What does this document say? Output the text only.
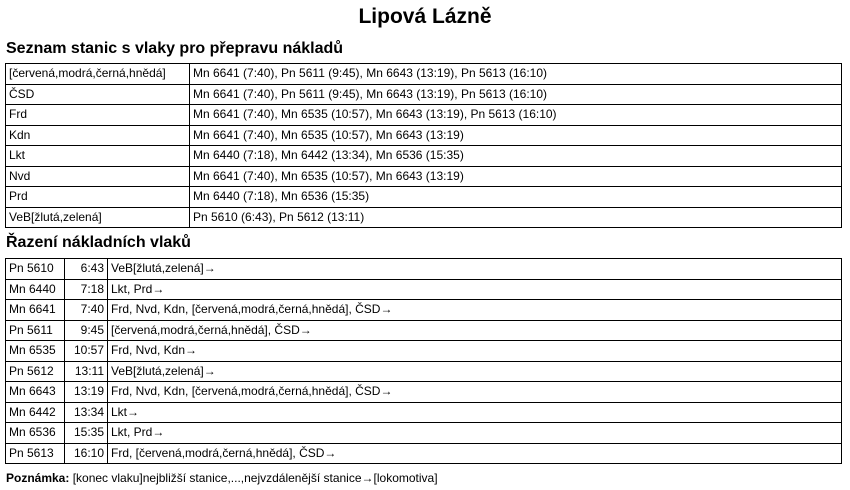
Lipová Lázně
Seznam stanic s vlaky pro přepravu nákladů
[červená,modrá,černá,hnědá]	Mn 6641 (7:40), Pn 5611 (9:45), Mn 6643 (13:19), Pn 5613 (16:10)
ČSD	Mn 6641 (7:40), Pn 5611 (9:45), Mn 6643 (13:19), Pn 5613 (16:10)
Frd	Mn 6641 (7:40), Mn 6535 (10:57), Mn 6643 (13:19), Pn 5613 (16:10)
Kdn	Mn 6641 (7:40), Mn 6535 (10:57), Mn 6643 (13:19)
Lkt	Mn 6440 (7:18), Mn 6442 (13:34), Mn 6536 (15:35)
Nvd	Mn 6641 (7:40), Mn 6535 (10:57), Mn 6643 (13:19)
Prd	Mn 6440 (7:18), Mn 6536 (15:35)
VeB[žlutá,zelená]	Pn 5610 (6:43), Pn 5612 (13:11)
Řazení nákladních vlaků
Pn 5610	6:43	VeB[žlutá,zelená]→
Mn 6440	7:18	Lkt, Prd→
Mn 6641	7:40	Frd, Nvd, Kdn, [červená,modrá,černá,hnědá], ČSD→
Pn 5611	9:45	[červená,modrá,černá,hnědá], ČSD→
Mn 6535	10:57	Frd, Nvd, Kdn→
Pn 5612	13:11	VeB[žlutá,zelená]→
Mn 6643	13:19	Frd, Nvd, Kdn, [červená,modrá,černá,hnědá], ČSD→
Mn 6442	13:34	Lkt→
Mn 6536	15:35	Lkt, Prd→
Pn 5613	16:10	Frd, [červená,modrá,černá,hnědá], ČSD→
Poznámka: [konec vlaku]nejbližší stanice,...,nejvzdálenější stanice→[lokomotiva]
